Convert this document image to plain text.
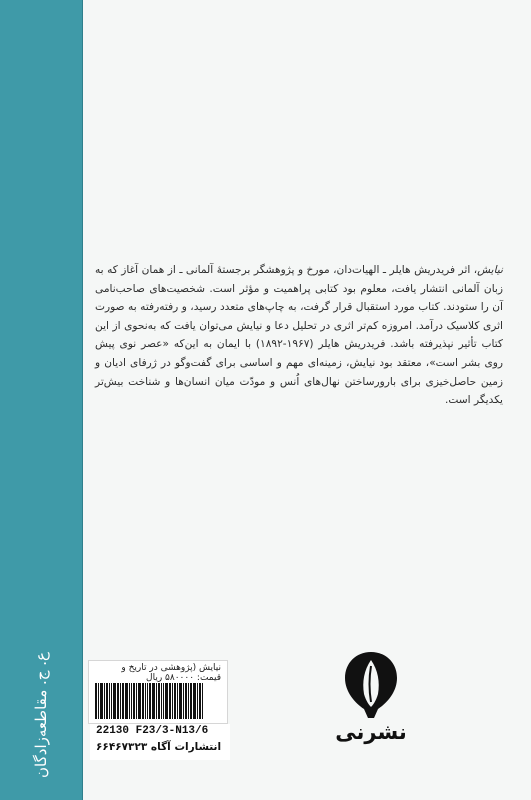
ع. ج. مقاطعه‌زادگان

نیایش، اثر فریدریش هایلر ـ الهیات‌دان، مورخ و پژوهشگر برجستهٔ آلمانی ـ از همان آغاز که به زبان آلمانی انتشار یافت، معلوم بود کتابی پراهمیت و مؤثر است. شخصیت‌های صاحب‌نامی آن را ستودند. کتاب مورد استقبال قرار گرفت، به چاپ‌های متعدد رسید، و رفته‌رفته به صورت اثری کلاسیک درآمد. امروزه کم‌تر اثری در تحلیل دعا و نیایش می‌توان یافت که به‌نحوی از این کتاب تأثیر نپذیرفته باشد. فریدریش هایلر (۱۹۶۷-۱۸۹۲) با ایمان به این‌که «عصر نوی پیش روی بشر است»، معتقد بود نیایش، زمینه‌ای مهم و اساسی برای گفت‌وگو در ژرفای ادیان و زمین حاصل‌خیزی برای بارورساختن نهال‌های اُنس و مودّت میان انسان‌ها و شناخت بیش‌تر یکدیگر است.

نیایش (پژوهشی در تاریخ و
قیمت: ۵۸۰۰۰۰ ریال
22130 F23/3-N13/6
انتشارات آگاه ۶۶۴۶۷۳۲۳
نشرنی
